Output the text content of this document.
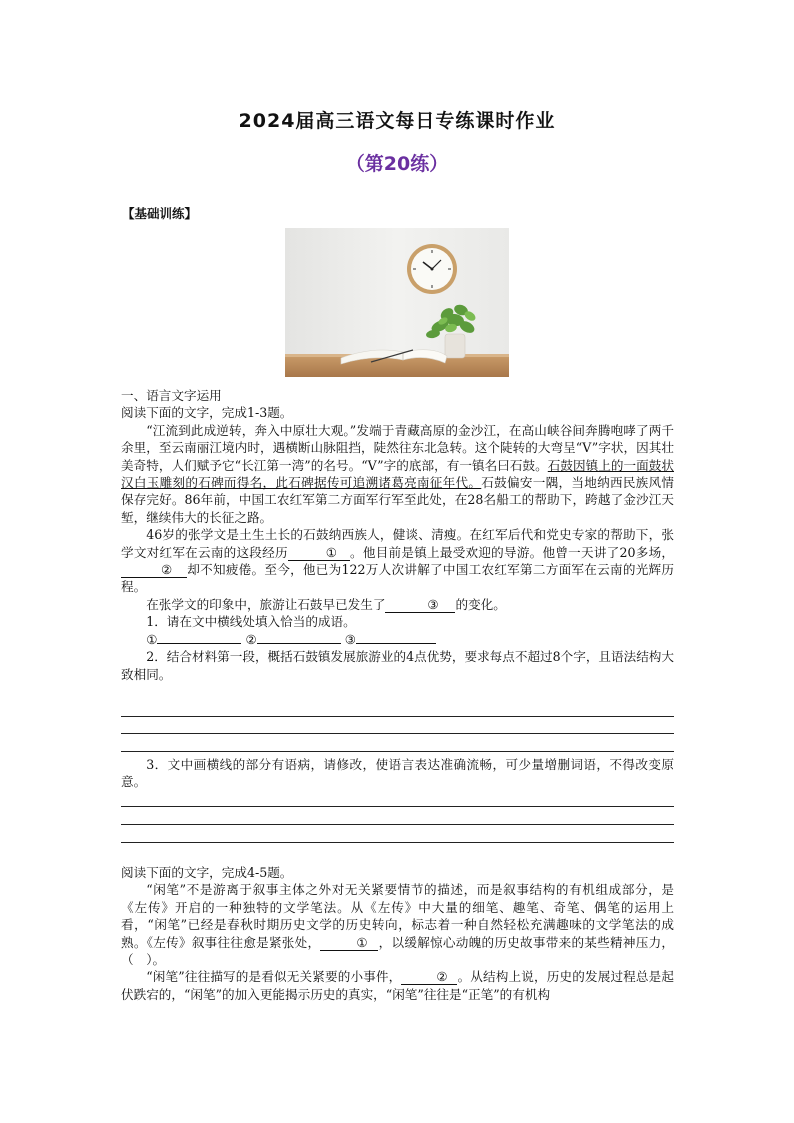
2024届高三语文每日专练课时作业
（第20练）
【基础训练】

一、语言文字运用

阅读下面的文字，完成1-3题。

“江流到此成逆转，奔入中原壮大观。”发端于青藏高原的金沙江，在高山峡谷间奔腾咆哮了两千余里，至云南丽江境内时，遇横断山脉阻挡，陡然往东北急转。这个陡转的大弯呈“V”字状，因其壮美奇特，人们赋予它“长江第一湾”的名号。“V”字的底部，有一镇名曰石鼓。石鼓因镇上的一面鼓状汉白玉雕刻的石碑而得名，此石碑据传可追溯诸葛亮南征年代。石鼓偏安一隅，当地纳西民族风情保存完好。86年前，中国工农红军第二方面军行军至此处，在28名船工的帮助下，跨越了金沙江天堑，继续伟大的长征之路。

46岁的张学文是土生土长的石鼓纳西族人，健谈、清瘦。在红军后代和党史专家的帮助下，张学文对红军在云南的这段经历	① 。他目前是镇上最受欢迎的导游。他曾一天讲了20多场，② 却不知疲倦。至今，他已为122万人次讲解了中国工农红军第二方面军在云南的光辉历程。

在张学文的印象中，旅游让石鼓早已发生了	③ 的变化。

1．请在文中横线处填入恰当的成语。

①	②	③

2．结合材料第一段，概括石鼓镇发展旅游业的4点优势，要求每点不超过8个字，且语法结构大致相同。

3．文中画横线的部分有语病，请修改，使语言表达准确流畅，可少量增删词语，不得改变原意。

阅读下面的文字，完成4-5题。

“闲笔”不是游离于叙事主体之外对无关紧要情节的描述，而是叙事结构的有机组成部分，是《左传》开启的一种独特的文学笔法。从《左传》中大量的细笔、趣笔、奇笔、偶笔的运用上看，“闲笔”已经是春秋时期历史文学的历史转向，标志着一种自然轻松充满趣味的文学笔法的成熟。《左传》叙事往往愈是紧张处，	① ，以缓解惊心动魄的历史故事带来的某些精神压力，（　）。

“闲笔”往往描写的是看似无关紧要的小事件，	② 。从结构上说，历史的发展过程总是起伏跌宕的，“闲笔”的加入更能揭示历史的真实，“闲笔”往往是“正笔”的有机构
